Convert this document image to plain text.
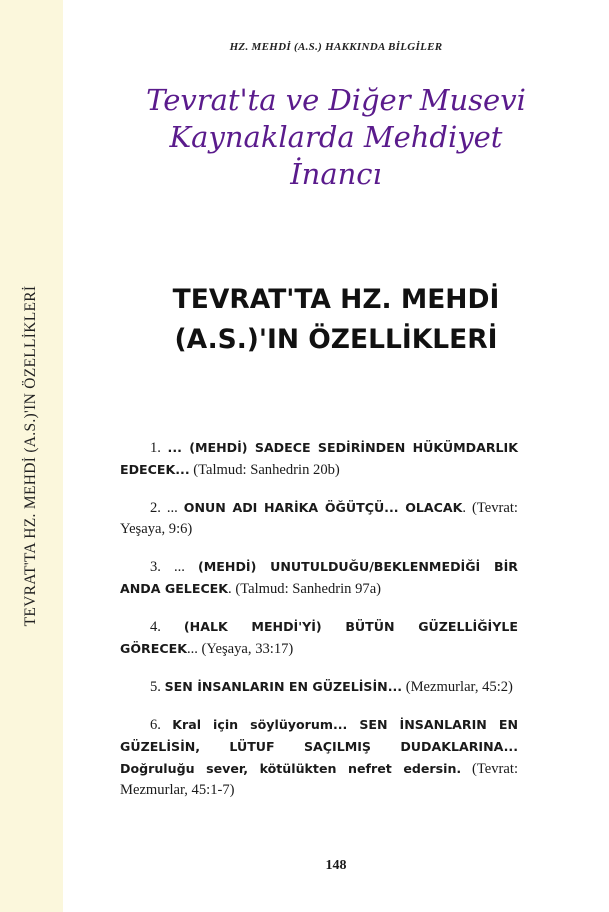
TEVRAT'TA HZ. MEHDİ (A.S.)'IN ÖZELLİKLERİ
HZ. MEHDİ (A.S.) HAKKINDA BİLGİLER
Tevrat'ta ve Diğer Musevi
Kaynaklarda Mehdiyet
İnancı
TEVRAT'TA HZ. MEHDİ
(A.S.)'IN ÖZELLİKLERİ

1. ... (MEHDİ) SADECE SEDİRİNDEN HÜKÜMDARLIK EDECEK... (Talmud: Sanhedrin 20b)

2. ... ONUN ADI HARİKA ÖĞÜTÇÜ... OLACAK. (Tevrat: Yeşaya, 9:6)

3. ... (MEHDİ) UNUTULDUĞU/BEKLENMEDİĞİ BİR ANDA GELECEK. (Talmud: Sanhedrin 97a)

4. (HALK MEHDİ'Yİ) BÜTÜN GÜZELLİĞİYLE GÖRECEK... (Yeşaya, 33:17)

5. SEN İNSANLARIN EN GÜZELİSİN... (Mezmurlar, 45:2)

6. Kral için söylüyorum... SEN İNSANLARIN EN GÜZELİSİN, LÜTUF SAÇILMIŞ DUDAKLARINA... Doğruluğu sever, kötülükten nefret edersin. (Tevrat: Mezmurlar, 45:1-7)

148
